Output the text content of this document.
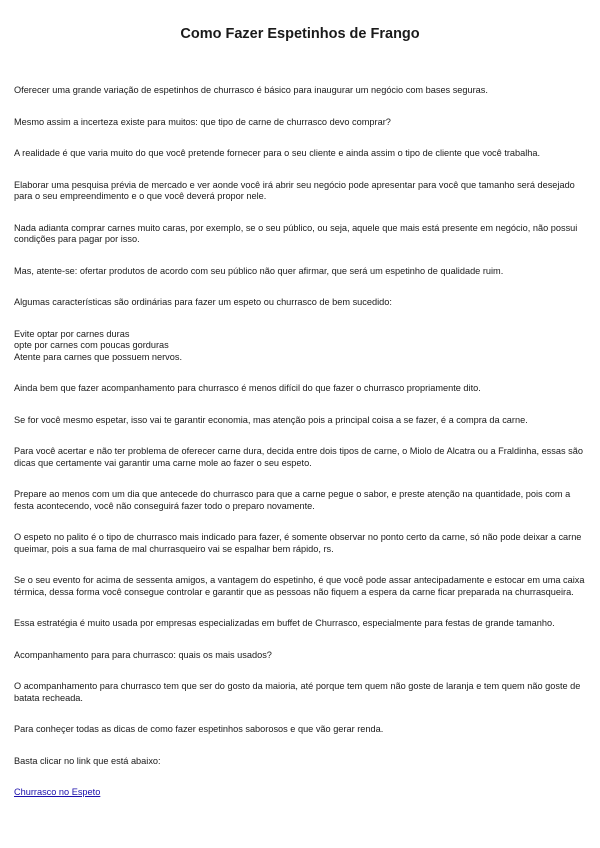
Como Fazer Espetinhos de Frango

Oferecer uma grande variação de espetinhos de churrasco é básico para inaugurar um negócio com bases seguras.

Mesmo assim a incerteza existe para muitos: que tipo de carne de churrasco devo comprar?

A realidade é que varia muito do que você pretende fornecer para o seu cliente e ainda assim o tipo de cliente que você trabalha.

Elaborar uma pesquisa prévia de mercado e ver aonde você irá abrir seu negócio pode apresentar para você que tamanho será desejado para o seu empreendimento e o que você deverá propor nele.

Nada adianta comprar carnes muito caras, por exemplo, se o seu público, ou seja, aquele que mais está presente em negócio, não possui condições para pagar por isso.

Mas, atente-se: ofertar produtos de acordo com seu público não quer afirmar, que será um espetinho de qualidade ruim.

Algumas características são ordinárias para fazer um espeto ou churrasco de bem sucedido:

Evite optar por carnes duras
opte por carnes com poucas gorduras
Atente para carnes que possuem nervos.

Ainda bem que fazer acompanhamento para churrasco é menos difícil do que fazer o churrasco propriamente dito.

Se for você mesmo espetar, isso vai te garantir economia, mas atenção pois a principal coisa a se fazer, é a compra da carne.

Para você acertar e não ter problema de oferecer carne dura, decida entre dois tipos de carne, o Miolo de Alcatra ou a Fraldinha, essas são dicas que certamente vai garantir uma carne mole ao fazer o seu espeto.

Prepare ao menos com um dia que antecede do churrasco para que a carne pegue o sabor, e preste atenção na quantidade, pois com a festa acontecendo, você não conseguirá fazer todo o preparo novamente.

O espeto no palito é o tipo de churrasco mais indicado para fazer, é somente observar no ponto certo da carne, só não pode deixar a carne queimar, pois a sua fama de mal churrasqueiro vai se espalhar bem rápido, rs.

Se o seu evento for acima de sessenta amigos, a vantagem do espetinho, é que você pode assar antecipadamente e estocar em uma caixa térmica, dessa forma você consegue controlar e garantir que as pessoas não fiquem a espera da carne ficar preparada na churrasqueira.

Essa estratégia é muito usada por empresas especializadas em buffet de Churrasco, especialmente para festas de grande tamanho.

Acompanhamento para para churrasco: quais os mais usados?

O acompanhamento para churrasco tem que ser do gosto da maioria, até porque tem quem não goste de laranja e tem quem não goste de batata recheada.

Para conheçer todas as dicas de como fazer espetinhos saborosos e que vão gerar renda.

Basta clicar no link que está abaixo:

Churrasco no Espeto
